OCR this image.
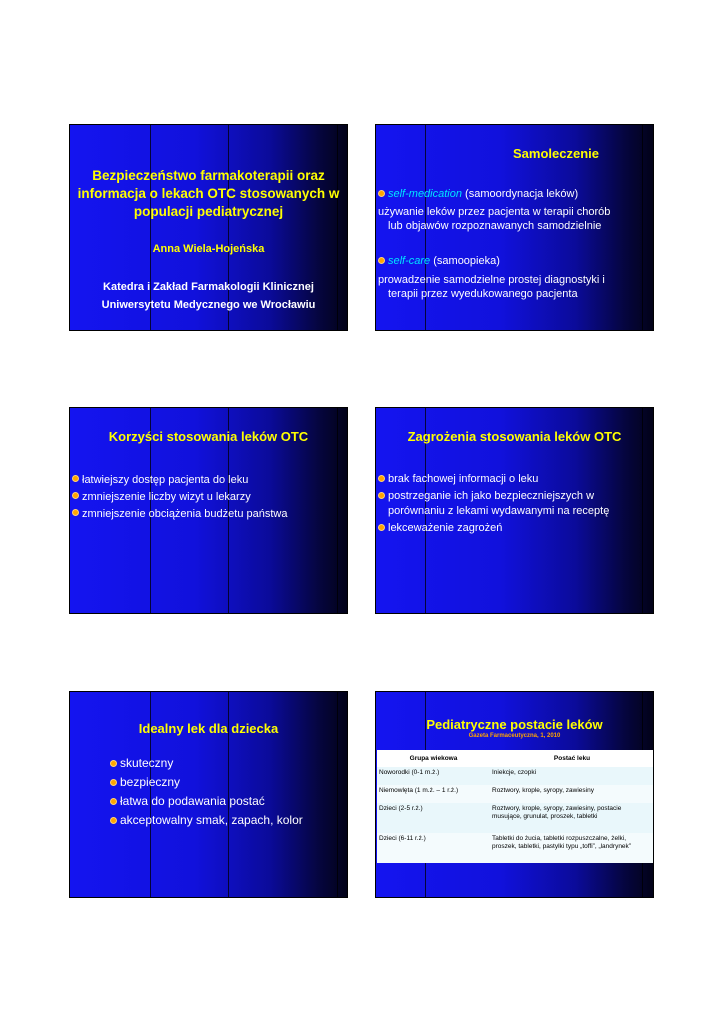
Bezpieczeństwo farmakoterapii oraz informacja o lekach OTC stosowanych w populacji pediatrycznej
Anna Wiela-Hojeńska
Katedra i Zakład Farmakologii Klinicznej
Uniwersytetu Medycznego we Wrocławiu
Samoleczenie
self-medication (samoordynacja leków)
używanie leków przez pacjenta w terapii chorób
lub objawów rozpoznawanych samodzielnie
self-care (samoopieka)
prowadzenie samodzielne prostej diagnostyki i
terapii przez wyedukowanego pacjenta
Korzyści stosowania leków OTC
łatwiejszy dostęp pacjenta do leku
zmniejszenie liczby wizyt u lekarzy
zmniejszenie obciążenia budżetu państwa
Zagrożenia stosowania leków OTC
brak fachowej informacji o leku
postrzeganie ich jako bezpieczniejszych w
porównaniu z lekami wydawanymi na receptę
lekceważenie zagrożeń
Idealny lek dla dziecka
skuteczny
bezpieczny
łatwa do podawania postać
akceptowalny smak, zapach, kolor
Pediatryczne postacie leków
Gazeta Farmaceutyczna, 1, 2010
Grupa wiekowa	Postać leku
Noworodki (0-1 m.ż.)	Iniekcje, czopki
Niemowlęta (1 m.ż. – 1 r.ż.)	Roztwory, krople, syropy, zawiesiny
Dzieci (2-5 r.ż.)	Roztwory, krople, syropy, zawiesiny, postacie musujące, grunulat, proszek, tabletki
Dzieci (6-11 r.ż.)	Tabletki do żucia, tabletki rozpuszczalne, żelki, proszek, tabletki, pastylki typu „toffi”, „landrynek”
